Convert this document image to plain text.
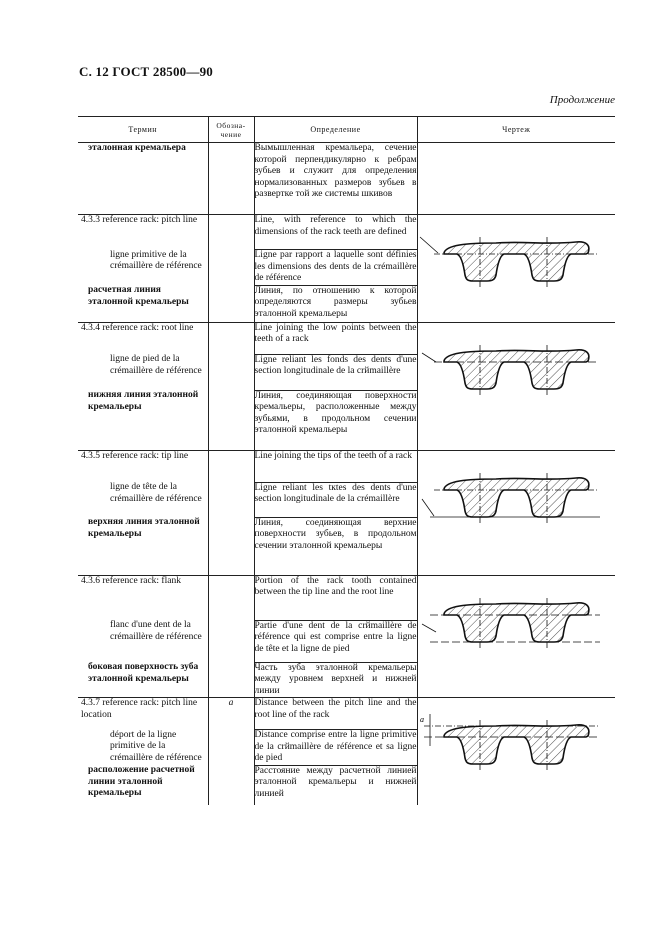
С. 12 ГОСТ 28500—90
Продолжение
Термин	Обозна-
чение	Определение	Чертеж
эталонная кремальера		Вымышленная кремальера, сечение которой перпендикулярно к ребрам зубьев и служит для определения нормализованных размеров зубьев в развертке той же системы шкивов	
4.3.3 reference rack: pitch line		Line, with reference to which the dimensions of the rack teeth are defined	

ligne primitive de la crémaillère de référence		Ligne par rapport a laquelle sont définies les dimensions des dents de la crémaillère de référence	
расчетная линия эталонной кремальеры		Линия, по отношению к которой определяются размеры зубьев эталонной кремальеры	
4.3.4 reference rack: root line		Line joining the low points between the teeth of a rack	

ligne de pied de la crémaillère de référence		Ligne reliant les fonds des dents d'une section longitudinale de la crйmaillère	
нижняя линия эталонной кремальеры		Линия, соединяющая поверхности кремальеры, расположенные между зубьями, в продольном сечении эталонной кремальеры	
4.3.5 reference rack: tip line		Line joining the tips of the teeth of a rack	

ligne de tête de la crémaillère de référence		Ligne reliant les tкtes des dents d'une section longitudinale de la crémaillère	
верхняя линия эталонной кремальеры		Линия, соединяющая верхние поверхности зубьев, в продольном сечении эталонной кремальеры	
4.3.6 reference rack: flank		Portion of the rack tooth contained between the tip line and the root line	

flanc d'une dent de la crémaillère de référence		Partie d'une dent de la crйmaillère de référence qui est comprise entre la ligne de tête et la ligne de pied	
боковая поверхность зуба эталонной кремальеры		Часть зуба эталонной кремальеры между уровнем верхней и нижней линии	
4.3.7 reference rack: pitch line location	a	Distance between the pitch line and the root line of the rack	a

déport de la ligne primitive de la crémaillère de référence		Distance comprise entre la ligne primitive de la crйmaillère de référence et sa ligne de pied	
расположение расчетной линии эталонной кремальеры		Расстояние между расчетной линией эталонной кремальеры и нижней линией	
